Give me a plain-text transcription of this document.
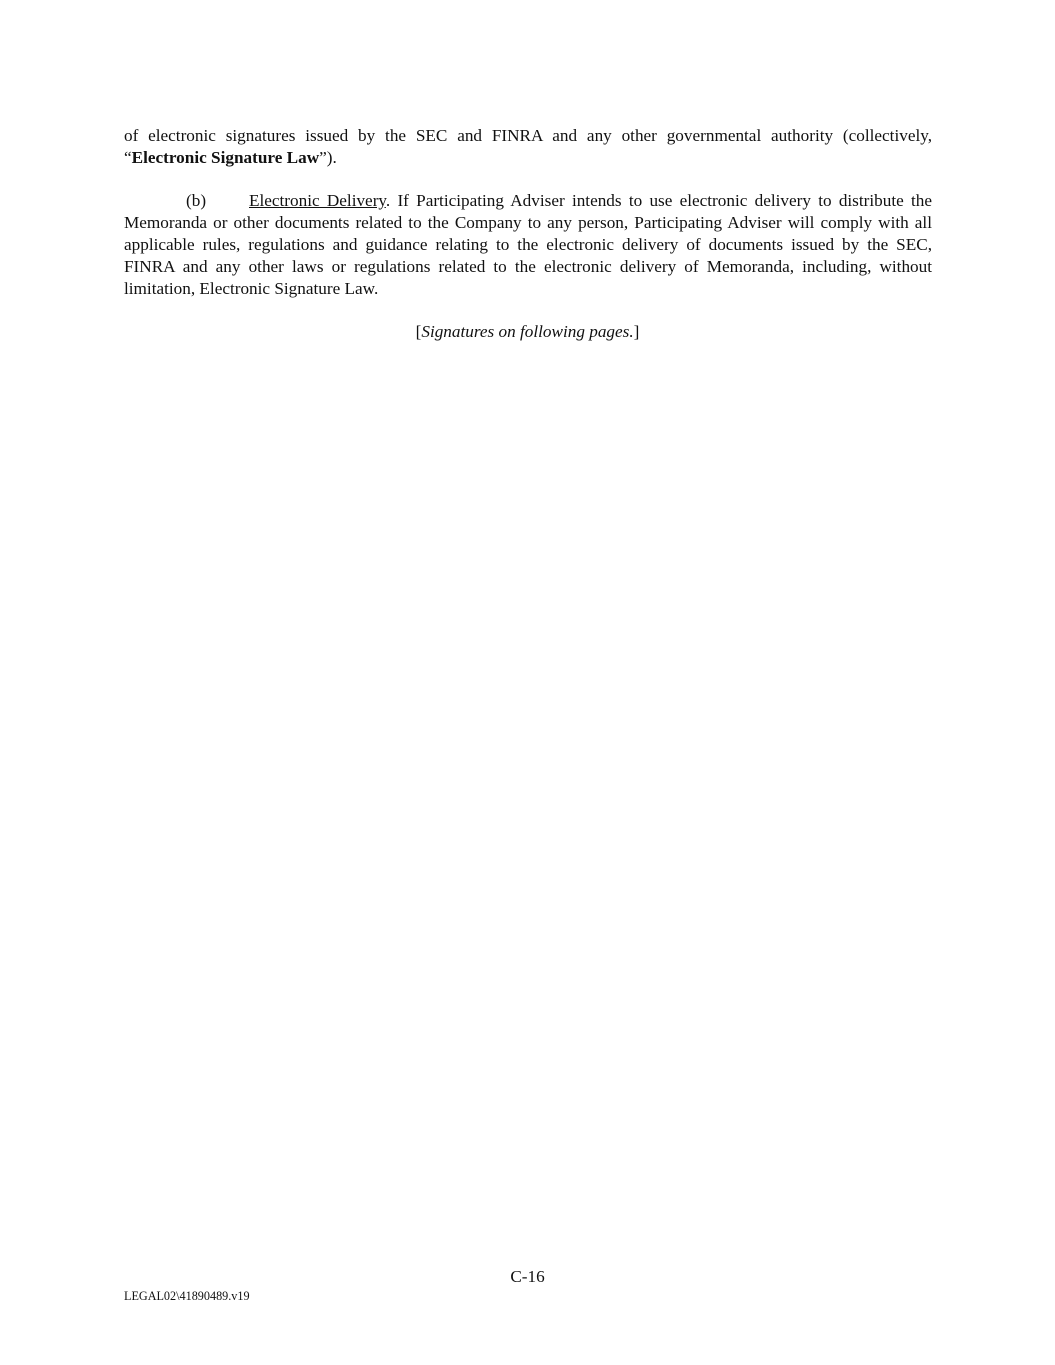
of electronic signatures issued by the SEC and FINRA and any other governmental authority (collectively,
“Electronic Signature Law”).

(b) Electronic Delivery. If Participating Adviser intends to use electronic delivery to distribute the Memoranda or other documents related to the Company to any person, Participating Adviser will comply with all applicable rules, regulations and guidance relating to the electronic delivery of documents issued by the SEC, FINRA and any other laws or regulations related to the electronic delivery of Memoranda, including, without limitation, Electronic Signature Law.

[Signatures on following pages.]

C-16
LEGAL02\41890489.v19
